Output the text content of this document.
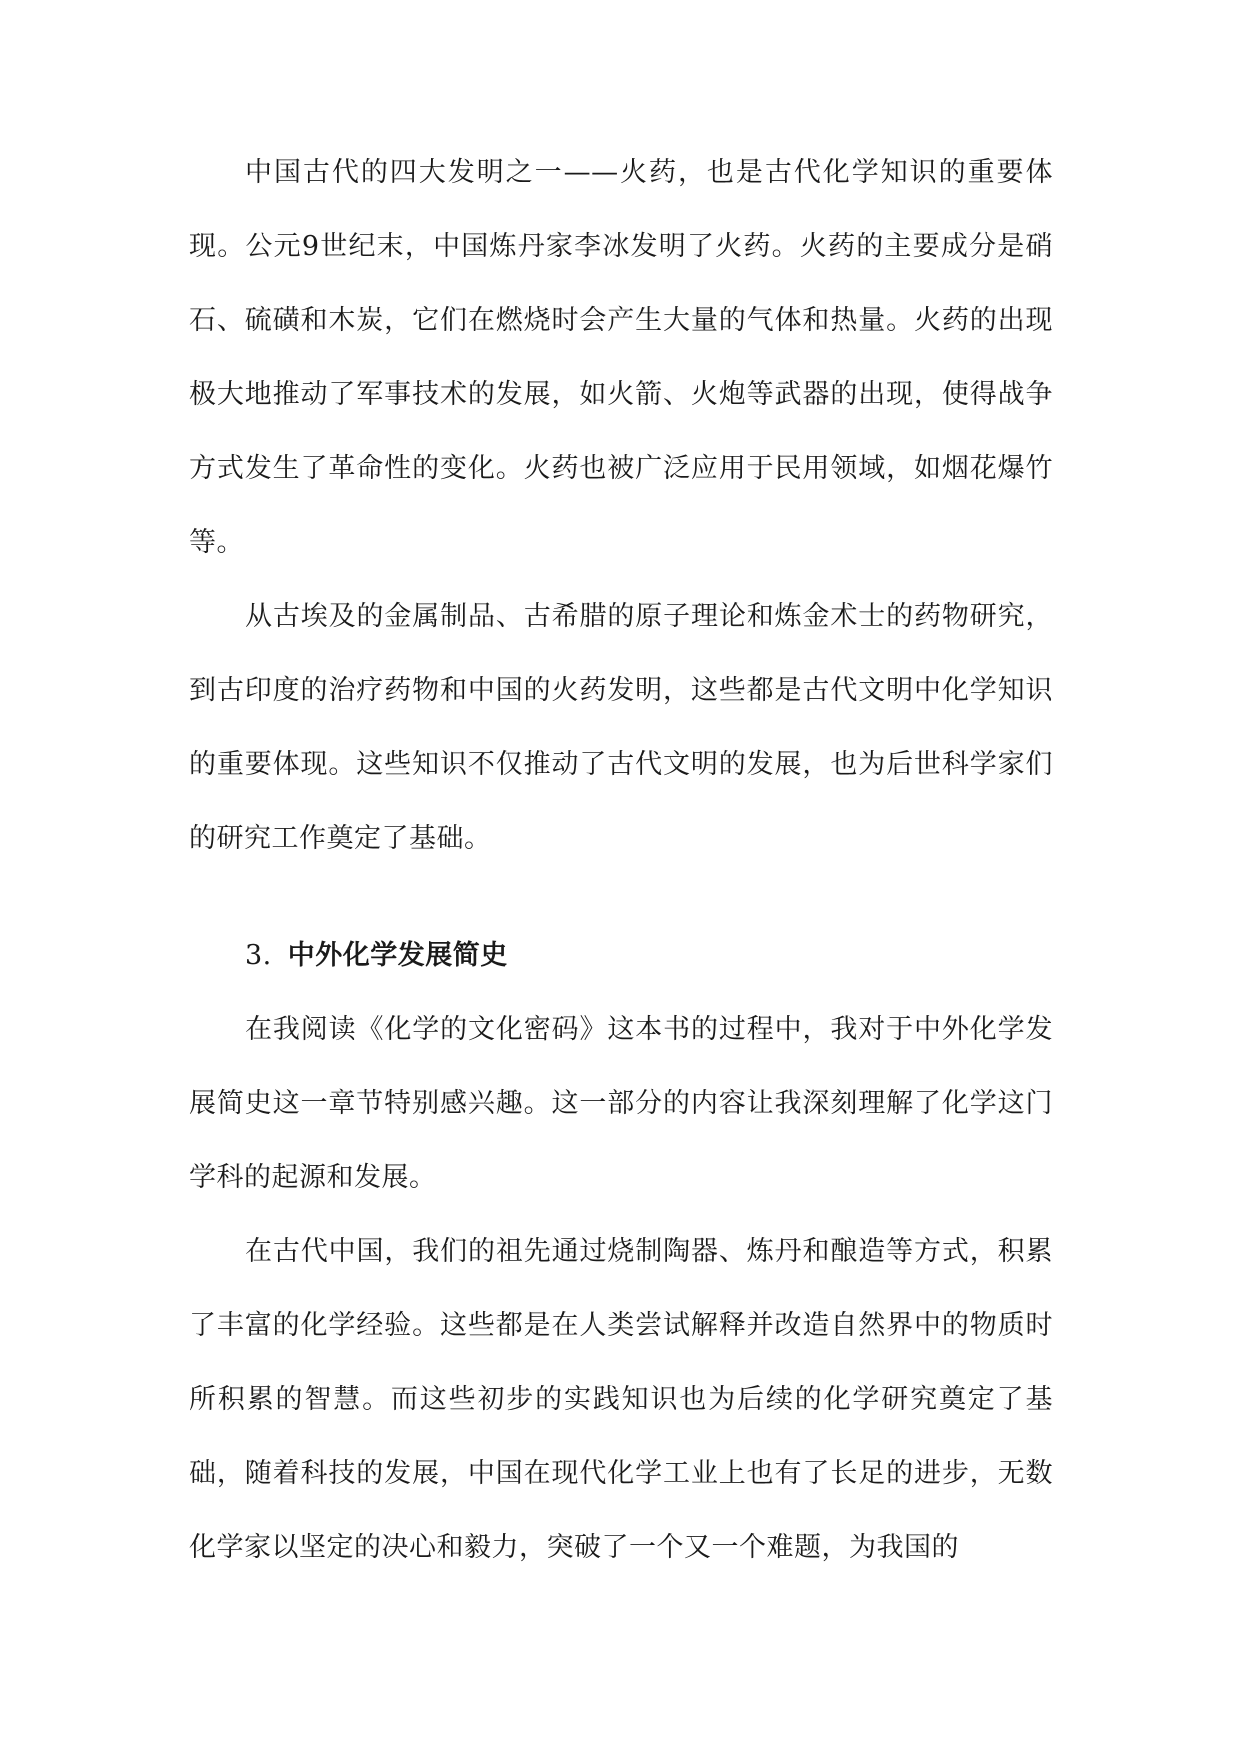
中国古代的四大发明之一——火药，也是古代化学知识的重要体现。公元9世纪末，中国炼丹家李冰发明了火药。火药的主要成分是硝石、硫磺和木炭，它们在燃烧时会产生大量的气体和热量。火药的出现极大地推动了军事技术的发展，如火箭、火炮等武器的出现，使得战争方式发生了革命性的变化。火药也被广泛应用于民用领域，如烟花爆竹等。

从古埃及的金属制品、古希腊的原子理论和炼金术士的药物研究，到古印度的治疗药物和中国的火药发明，这些都是古代文明中化学知识的重要体现。这些知识不仅推动了古代文明的发展，也为后世科学家们的研究工作奠定了基础。

3. 中外化学发展简史

在我阅读《化学的文化密码》这本书的过程中，我对于中外化学发展简史这一章节特别感兴趣。这一部分的内容让我深刻理解了化学这门学科的起源和发展。

在古代中国，我们的祖先通过烧制陶器、炼丹和酿造等方式，积累了丰富的化学经验。这些都是在人类尝试解释并改造自然界中的物质时所积累的智慧。而这些初步的实践知识也为后续的化学研究奠定了基础，随着科技的发展，中国在现代化学工业上也有了长足的进步，无数化学家以坚定的决心和毅力，突破了一个又一个难题，为我国的
